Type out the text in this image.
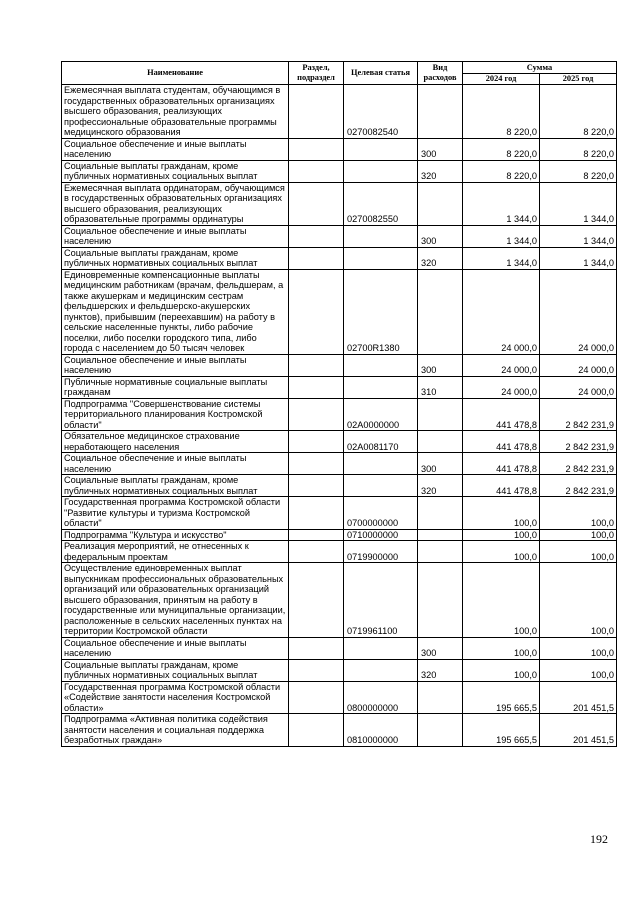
Наименование	Раздел, подраздел	Целевая статья	Вид расходов	Сумма	
				2024 год	2025 год
Ежемесячная выплата студентам, обучающимся в государственных образовательных организациях высшего образования, реализующих профессиональные образовательные программы медицинского образования		0270082540		8 220,0	8 220,0
Социальное обеспечение и иные выплаты населению			300	8 220,0	8 220,0
Социальные выплаты гражданам, кроме публичных нормативных социальных выплат			320	8 220,0	8 220,0
Ежемесячная выплата ординаторам, обучающимся в государственных образовательных организациях высшего образования, реализующих образовательные программы ординатуры		0270082550		1 344,0	1 344,0
Социальное обеспечение и иные выплаты населению			300	1 344,0	1 344,0
Социальные выплаты гражданам, кроме публичных нормативных социальных выплат			320	1 344,0	1 344,0
Единовременные компенсационные выплаты медицинским работникам (врачам, фельдшерам, а также акушеркам и медицинским сестрам фельдшерских и фельдшерско-акушерских пунктов), прибывшим (переехавшим) на работу в сельские населенные пункты, либо рабочие поселки, либо поселки городского типа, либо города с населением до 50 тысяч человек		02700R1380		24 000,0	24 000,0
Социальное обеспечение и иные выплаты населению			300	24 000,0	24 000,0
Публичные нормативные социальные выплаты гражданам			310	24 000,0	24 000,0
Подпрограмма "Совершенствование системы территориального планирования Костромской области"		02А0000000		441 478,8	2 842 231,9
Обязательное медицинское страхование неработающего населения		02А0081170		441 478,8	2 842 231,9
Социальное обеспечение и иные выплаты населению			300	441 478,8	2 842 231,9
Социальные выплаты гражданам, кроме публичных нормативных социальных выплат			320	441 478,8	2 842 231,9
Государственная программа Костромской области "Развитие культуры и туризма Костромской области"		0700000000		100,0	100,0
Подпрограмма "Культура и искусство"		0710000000		100,0	100,0
Реализация мероприятий, не отнесенных к федеральным проектам		0719900000		100,0	100,0
Осуществление единовременных выплат выпускникам профессиональных образовательных организаций или образовательных организаций высшего образования, принятым на работу в государственные или муниципальные организации, расположенные в сельских населенных пунктах на территории Костромской области		0719961100		100,0	100,0
Социальное обеспечение и иные выплаты населению			300	100,0	100,0
Социальные выплаты гражданам, кроме публичных нормативных социальных выплат			320	100,0	100,0
Государственная программа Костромской области «Содействие занятости населения Костромской области»		0800000000		195 665,5	201 451,5
Подпрограмма «Активная политика содействия занятости населения и социальная поддержка безработных граждан»		0810000000		195 665,5	201 451,5
192
